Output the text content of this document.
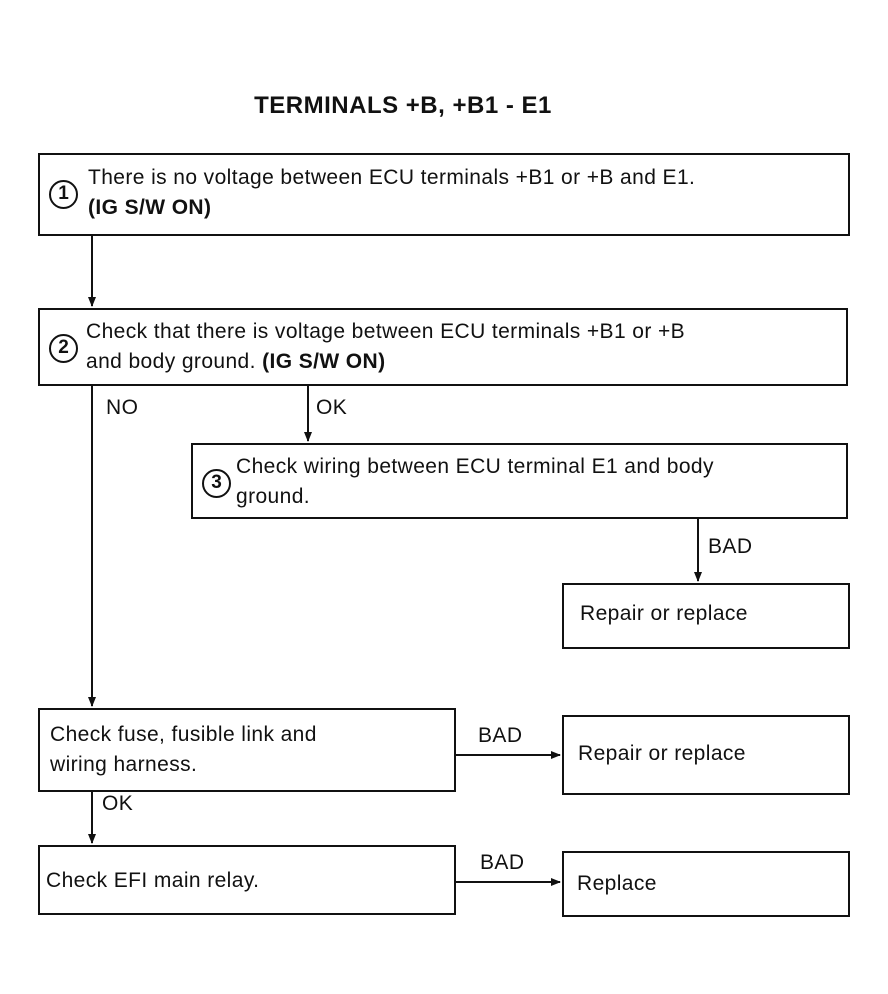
TERMINALS +B, +B1 - E1
1
There is no voltage between ECU terminals +B1 or +B and E1.
(IG S/W ON)
2
Check that there is voltage between ECU terminals +B1 or +B
and body ground. (IG S/W ON)
3
Check wiring between ECU terminal E1 and body
ground.
Repair or replace
Check fuse, fusible link and
wiring harness.	Repair or replace
Check EFI main relay.	Replace
NO	OK
BAD
BAD
OK
BAD
